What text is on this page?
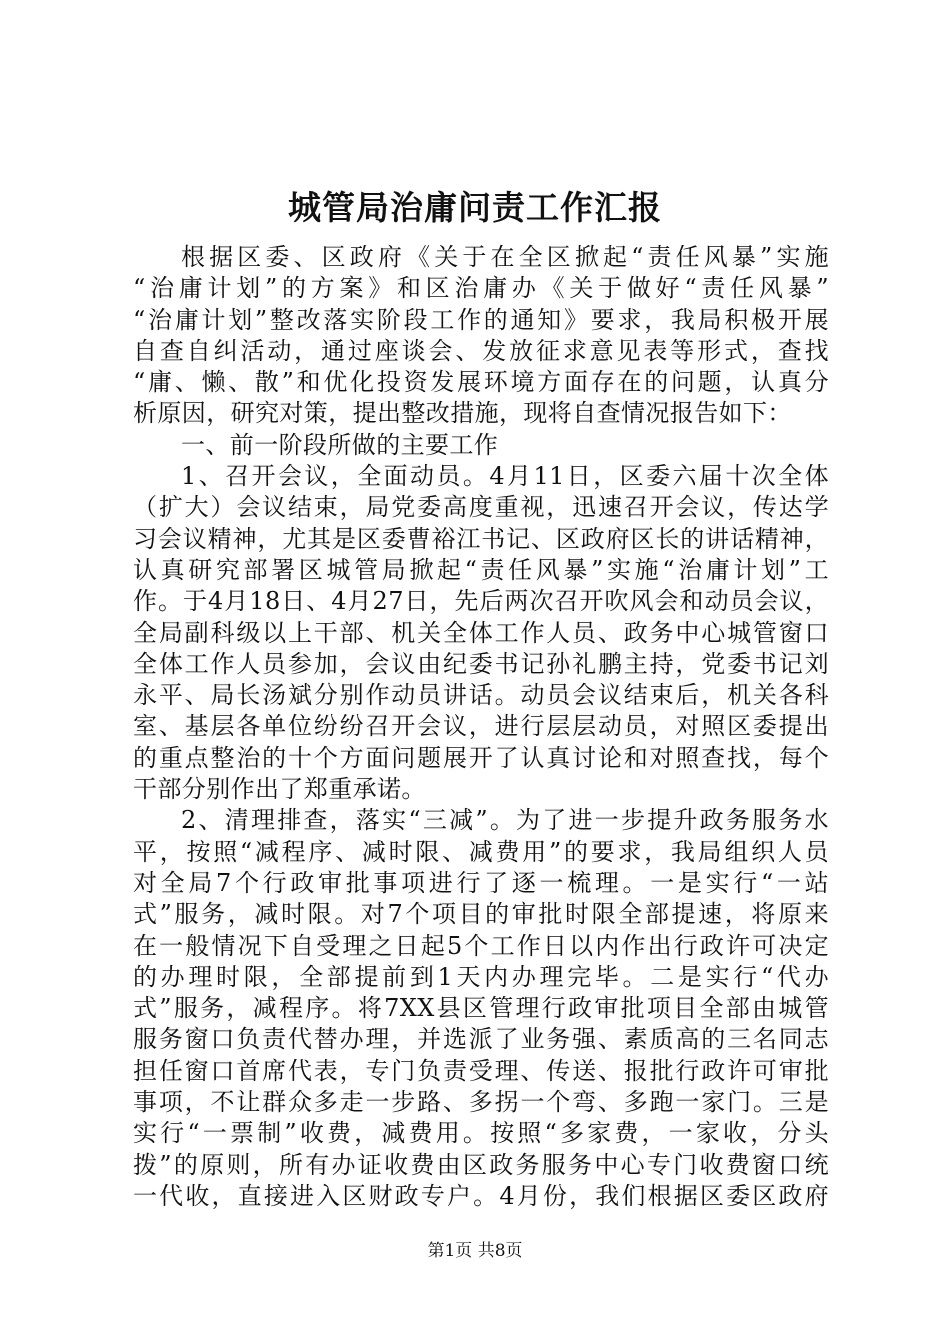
城管局治庸问责工作汇报
根据区委、区政府《关于在全区掀起“责任风暴”实施
“治庸计划”的方案》和区治庸办《关于做好“责任风暴”
“治庸计划”整改落实阶段工作的通知》要求，我局积极开展
自查自纠活动，通过座谈会、发放征求意见表等形式，查找
“庸、懒、散”和优化投资发展环境方面存在的问题，认真分
析原因，研究对策，提出整改措施，现将自查情况报告如下：
一、前一阶段所做的主要工作
1、召开会议，全面动员。4月11日，区委六届十次全体
（扩大）会议结束，局党委高度重视，迅速召开会议，传达学
习会议精神，尤其是区委曹裕江书记、区政府区长的讲话精神，
认真研究部署区城管局掀起“责任风暴”实施“治庸计划”工
作。于4月18日、4月27日，先后两次召开吹风会和动员会议，
全局副科级以上干部、机关全体工作人员、政务中心城管窗口
全体工作人员参加，会议由纪委书记孙礼鹏主持，党委书记刘
永平、局长汤斌分别作动员讲话。动员会议结束后，机关各科
室、基层各单位纷纷召开会议，进行层层动员，对照区委提出
的重点整治的十个方面问题展开了认真讨论和对照查找，每个
干部分别作出了郑重承诺。
2、清理排查，落实“三减”。为了进一步提升政务服务水
平，按照“减程序、减时限、减费用”的要求，我局组织人员
对全局7个行政审批事项进行了逐一梳理。一是实行“一站
式”服务，减时限。对7个项目的审批时限全部提速，将原来
在一般情况下自受理之日起5个工作日以内作出行政许可决定
的办理时限，全部提前到1天内办理完毕。二是实行“代办
式”服务，减程序。将7XX县区管理行政审批项目全部由城管
服务窗口负责代替办理，并选派了业务强、素质高的三名同志
担任窗口首席代表，专门负责受理、传送、报批行政许可审批
事项，不让群众多走一步路、多拐一个弯、多跑一家门。三是
实行“一票制”收费，减费用。按照“多家费，一家收，分头
拨”的原则，所有办证收费由区政务服务中心专门收费窗口统
一代收，直接进入区财政专户。4月份，我们根据区委区政府
第1页 共8页
